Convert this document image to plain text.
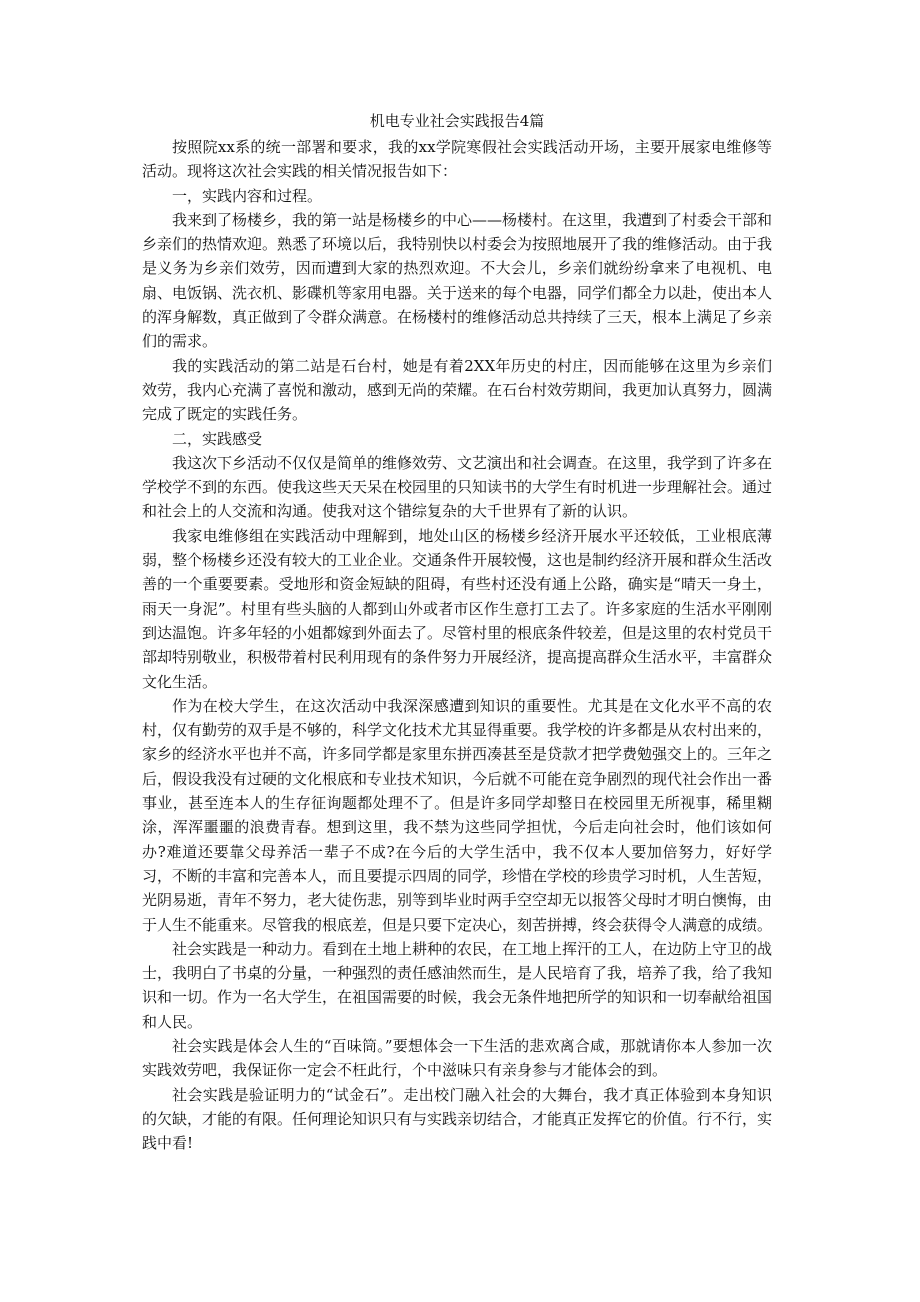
机电专业社会实践报告4篇

按照院xx系的统一部署和要求，我的xx学院寒假社会实践活动开场，主要开展家电维修等活动。现将这次社会实践的相关情况报告如下：

一，实践内容和过程。

我来到了杨楼乡，我的第一站是杨楼乡的中心——杨楼村。在这里，我遭到了村委会干部和乡亲们的热情欢迎。熟悉了环境以后，我特别快以村委会为按照地展开了我的维修活动。由于我是义务为乡亲们效劳，因而遭到大家的热烈欢迎。不大会儿，乡亲们就纷纷拿来了电视机、电扇、电饭锅、洗衣机、影碟机等家用电器。关于送来的每个电器，同学们都全力以赴，使出本人的浑身解数，真正做到了令群众满意。在杨楼村的维修活动总共持续了三天，根本上满足了乡亲们的需求。

我的实践活动的第二站是石台村，她是有着2XX年历史的村庄，因而能够在这里为乡亲们效劳，我内心充满了喜悦和激动，感到无尚的荣耀。在石台村效劳期间，我更加认真努力，圆满完成了既定的实践任务。

二，实践感受

我这次下乡活动不仅仅是简单的维修效劳、文艺演出和社会调查。在这里，我学到了许多在学校学不到的东西。使我这些天天呆在校园里的只知读书的大学生有时机进一步理解社会。通过和社会上的人交流和沟通。使我对这个错综复杂的大千世界有了新的认识。

我家电维修组在实践活动中理解到，地处山区的杨楼乡经济开展水平还较低，工业根底薄弱，整个杨楼乡还没有较大的工业企业。交通条件开展较慢，这也是制约经济开展和群众生活改善的一个重要要素。受地形和资金短缺的阻碍，有些村还没有通上公路，确实是“晴天一身土，雨天一身泥”。村里有些头脑的人都到山外或者市区作生意打工去了。许多家庭的生活水平刚刚到达温饱。许多年轻的小姐都嫁到外面去了。尽管村里的根底条件较差，但是这里的农村党员干部却特别敬业，积极带着村民利用现有的条件努力开展经济，提高提高群众生活水平，丰富群众文化生活。

作为在校大学生，在这次活动中我深深感遭到知识的重要性。尤其是在文化水平不高的农村，仅有勤劳的双手是不够的，科学文化技术尤其显得重要。我学校的许多都是从农村出来的，家乡的经济水平也并不高，许多同学都是家里东拼西凑甚至是贷款才把学费勉强交上的。三年之后，假设我没有过硬的文化根底和专业技术知识，今后就不可能在竞争剧烈的现代社会作出一番事业，甚至连本人的生存征询题都处理不了。但是许多同学却整日在校园里无所视事，稀里糊涂，浑浑噩噩的浪费青春。想到这里，我不禁为这些同学担忧，今后走向社会时，他们该如何办?难道还要靠父母养活一辈子不成?在今后的大学生活中，我不仅本人要加倍努力，好好学习，不断的丰富和完善本人，而且要提示四周的同学，珍惜在学校的珍贵学习时机，人生苦短，光阴易逝，青年不努力，老大徒伤悲，别等到毕业时两手空空却无以报答父母时才明白懊悔，由于人生不能重来。尽管我的根底差，但是只要下定决心，刻苦拼搏，终会获得令人满意的成绩。

社会实践是一种动力。看到在土地上耕种的农民，在工地上挥汗的工人，在边防上守卫的战士，我明白了书桌的分量，一种强烈的责任感油然而生，是人民培育了我，培养了我，给了我知识和一切。作为一名大学生，在祖国需要的时候，我会无条件地把所学的知识和一切奉献给祖国和人民。

社会实践是体会人生的“百味筒。”要想体会一下生活的悲欢离合咸，那就请你本人参加一次实践效劳吧，我保证你一定会不枉此行，个中滋味只有亲身参与才能体会的到。

社会实践是验证明力的“试金石”。走出校门融入社会的大舞台，我才真正体验到本身知识的欠缺，才能的有限。任何理论知识只有与实践亲切结合，才能真正发挥它的价值。行不行，实践中看!
